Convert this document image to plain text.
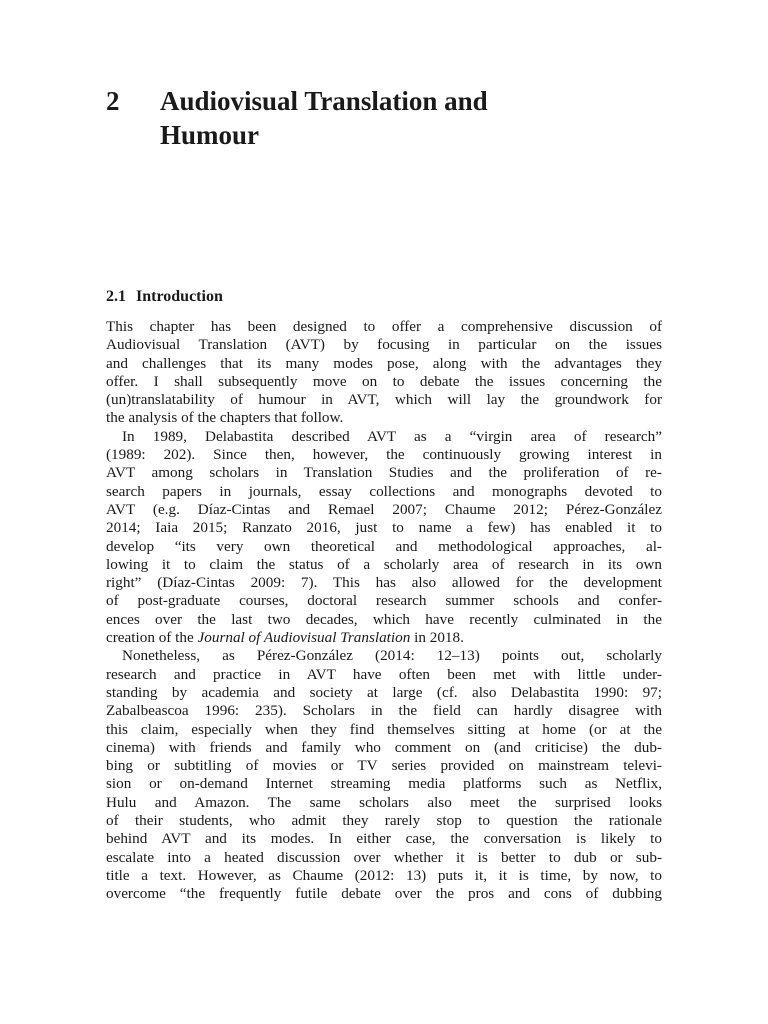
2	Audiovisual Translation and Humour
2.1 Introduction

This chapter has been designed to offer a comprehensive discussion of
Audiovisual Translation (AVT) by focusing in particular on the issues
and challenges that its many modes pose, along with the advantages they
offer. I shall subsequently move on to debate the issues concerning the
(un)translatability of humour in AVT, which will lay the groundwork for
the analysis of the chapters that follow.

In 1989, Delabastita described AVT as a “virgin area of research”
(1989: 202). Since then, however, the continuously growing interest in
AVT among scholars in Translation Studies and the proliferation of re-
search papers in journals, essay collections and monographs devoted to
AVT (e.g. Díaz-Cintas and Remael 2007; Chaume 2012; Pérez-González
2014; Iaia 2015; Ranzato 2016, just to name a few) has enabled it to
develop “its very own theoretical and methodological approaches, al-
lowing it to claim the status of a scholarly area of research in its own
right” (Díaz-Cintas 2009: 7). This has also allowed for the development
of post-graduate courses, doctoral research summer schools and confer-
ences over the last two decades, which have recently culminated in the
creation of the Journal of Audiovisual Translation in 2018.

Nonetheless, as Pérez-González (2014: 12–13) points out, scholarly
research and practice in AVT have often been met with little under-
standing by academia and society at large (cf. also Delabastita 1990: 97;
Zabalbeascoa 1996: 235). Scholars in the field can hardly disagree with
this claim, especially when they find themselves sitting at home (or at the
cinema) with friends and family who comment on (and criticise) the dub-
bing or subtitling of movies or TV series provided on mainstream televi-
sion or on-demand Internet streaming media platforms such as Netflix,
Hulu and Amazon. The same scholars also meet the surprised looks
of their students, who admit they rarely stop to question the rationale
behind AVT and its modes. In either case, the conversation is likely to
escalate into a heated discussion over whether it is better to dub or sub-
title a text. However, as Chaume (2012: 13) puts it, it is time, by now, to
overcome “the frequently futile debate over the pros and cons of dubbing
